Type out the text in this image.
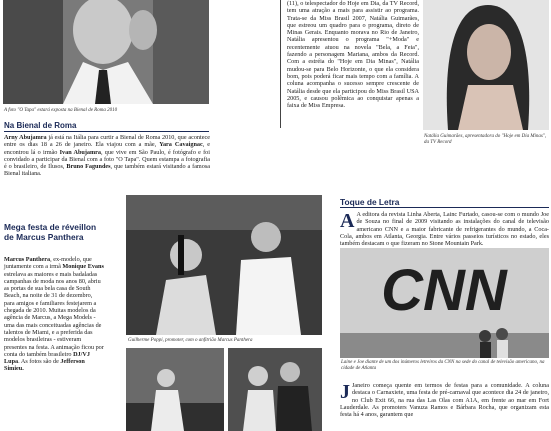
A foto "O Tapa" estará exposta na Bienal de Roma 2010
Na Bienal de Roma
Arny Abujamra já está na Itália para curtir a Bienal de Roma 2010, que acontece entre os dias 18 a 26 de janeiro. Ela viajou com a mãe, Yara Cavaignac, e encontrou lá o irmão Ivan Abujamra, que vive em São Paulo, é fotógrafo e foi convidado a participar da Bienal com a foto "O Tapa". Quem estampa a fotografia é o brasileiro, de Ilusos, Bruno Fagundes, que também estará visitando a famosa Bienal italiana.
Mega festa de réveillon de Marcus Panthera
Marcus Panthera, ex-modelo, que juntamente com a irmã Monique Evans estrelava as maiores e mais badaladas campanhas de moda nos anos 80, abriu as portas de sua bela casa de South Beach, na noite de 31 de dezembro, para amigos e familiares festejarem a chegada de 2010. Muitas modelos da agência de Marcus, a Mega Models - uma das mais conceituadas agências de talentos de Miami, e a preferida das modelos brasileiras - estiveram presentes na festa. A animação ficou por conta do também brasileiro DJ/VJ Lupa. As fotos são de Jefferson Simieu.
(11), o telespectador do Hoje em Dia, da TV Record, tem uma atração a mais para assistir ao programa. Trata-se da Miss Brasil 2007, Natália Guimarães, que estreou um quadro para o programa, direto de Minas Gerais. Enquanto morava no Rio de Janeiro, Natália apresentou o programa "+Moda" e recentemente atuou na novela "Bela, a Feia", fazendo a personagem Mariana, ambos da Record. Com a estréia do "Hoje em Dia Minas", Natália mudou-se para Belo Horizonte, o que ela considera bom, pois poderá ficar mais tempo com a família. A coluna acompanha o sucesso sempre crescente de Natália desde que ela participou do Miss Brasil USA 2005, e causou polêmica ao conquistar apenas a faixa de Miss Empresa.
Guilherme Poppi, promoter, com o anfitrião Marcus Panthera
Natália Guimarães, apresentadora do "Hoje em Dia Minas", da TV Record
Toque de Letra
A A editora da revista Linha Aberta, Lainc Furtado, casou-se com o mundo Joe de Souza no final de 2009 visitando as instalações do canal de televisão americano CNN e a maior fabricante de refrigerantes do mundo, a Coca-Cola, ambos em Atlanta, Georgia. Entre vários passeios turísticos no estado, eles também destacam o que fizeram no Stone Mountain Park.
CNN
Laine e Joe diante de um dos inúmeros letreiros da CNN na sede do canal de televisão americano, na cidade de Atlanta
J Janeiro começa quente em termos de festas para a comunidade. A coluna destaca o Carnaxiete, uma festa de pré-carnaval que acontece dia 24 de janeiro, no Club Exit 66, na rua das Las Olas com A1A, em frente ao mar em Fort Lauderdale. As promoters Vanuza Ramos e Bárbara Rocha, que organizam esta festa há 4 anos, garantem que
